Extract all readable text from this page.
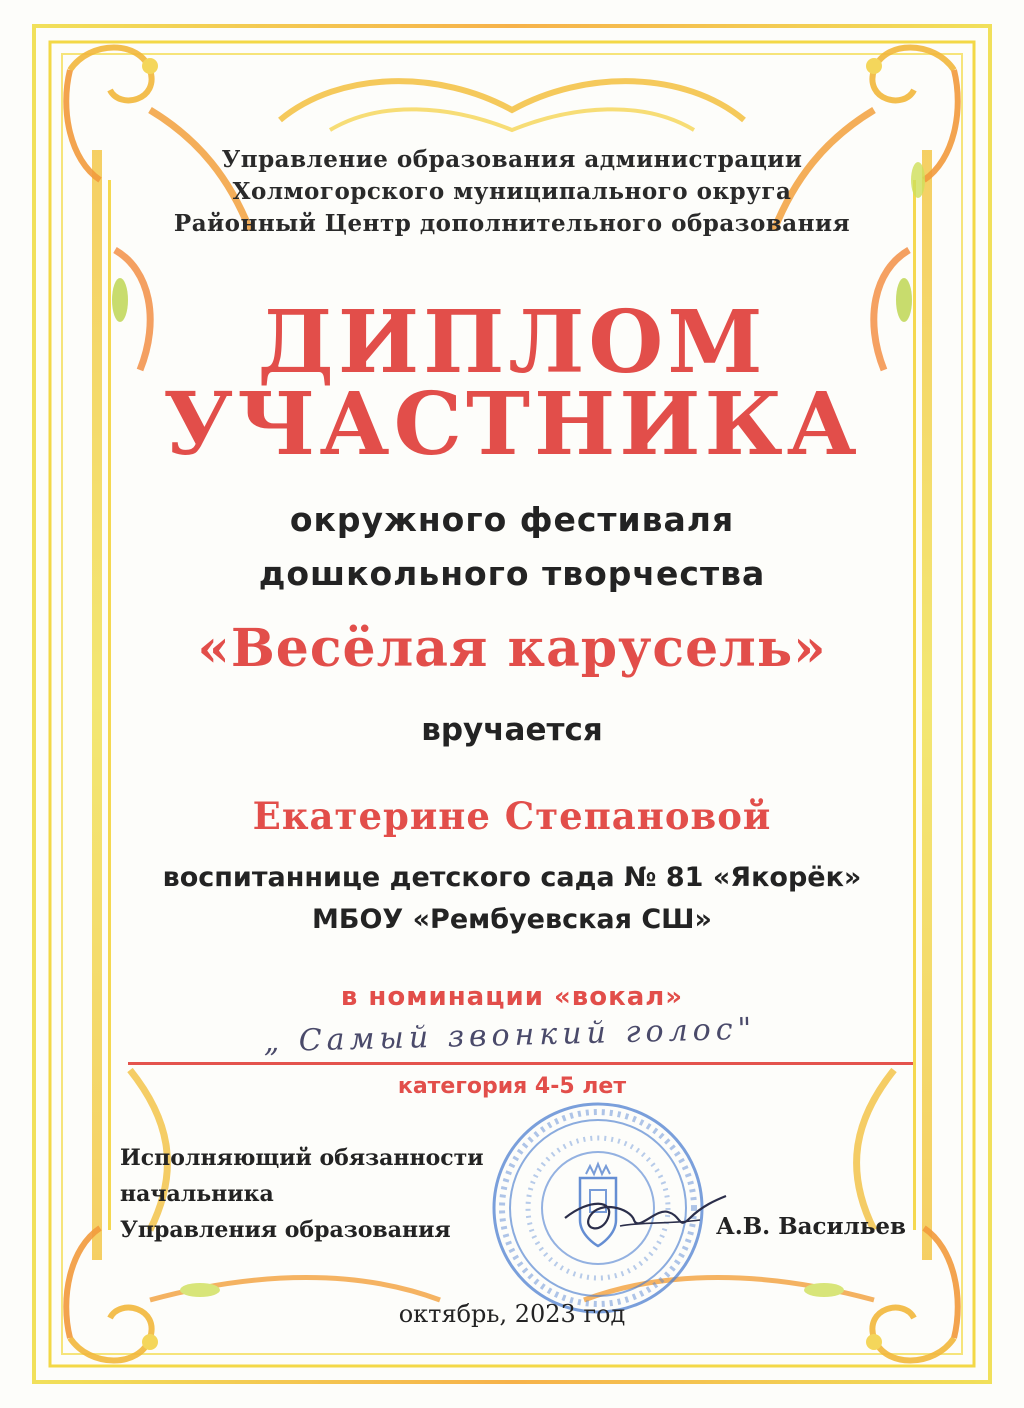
Управление образования администрации

Холмогорского муниципального округа

Районный Центр дополнительного образования

ДИПЛОМ

УЧАСТНИКА

окружного фестиваля

дошкольного творчества

«Весёлая карусель»

вручается

Екатерине Степановой

воспитаннице детского сада № 81 «Якорёк»

МБОУ «Рембуевская СШ»

в номинации «вокал»

„ Самый звонкий голос"

категория 4-5 лет

Исполняющий обязанности
начальника
Управления образования	А.В. Васильев

октябрь, 2023 год
